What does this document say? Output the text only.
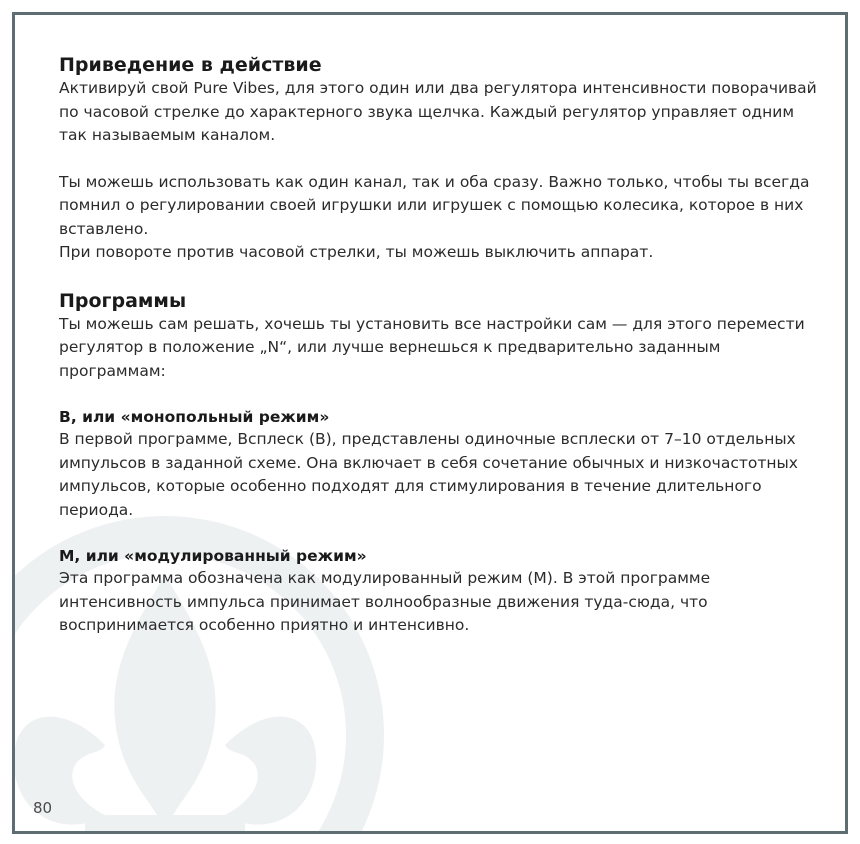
Приведение в действие

Активируй свой Pure Vibes, для этого один или два регулятора интенсивности поворачивай по часовой стрелке до характерного звука щелчка. Каждый регулятор управляет одним так называемым каналом.

Ты можешь использовать как один канал, так и оба сразу. Важно только, чтобы ты всегда помнил о регулировании своей игрушки или игрушек с помощью колесика, которое в них вставлено.

При повороте против часовой стрелки, ты можешь выключить аппарат.

Программы

Ты можешь сам решать, хочешь ты установить все настройки сам — для этого перемести регулятор в положение „N“, или лучше вернешься к предварительно заданным программам:

B, или «монопольный режим»

В первой программе, Всплеск (B), представлены одиночные всплески от 7–10 отдельных импульсов в заданной схеме. Она включает в себя сочетание обычных и низкочастотных импульсов, которые особенно подходят для стимулирования в течение длительного периода.

M, или «модулированный режим»

Эта программа обозначена как модулированный режим (M). В этой программе интенсивность импульса принимает волнообразные движения туда-сюда, что воспринимается особенно приятно и интенсивно.

80
